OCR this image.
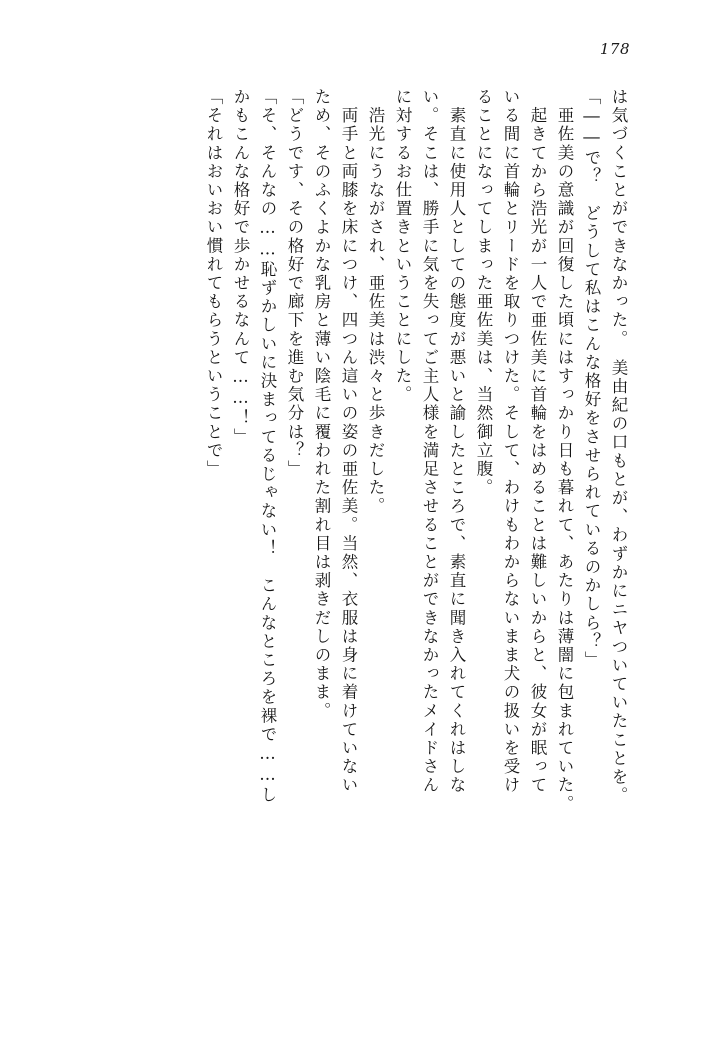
178
は気づくことができなかった。　美由紀の口もとが、わずかにニヤついていたことを。
「――で？　どうして私はこんな格好をさせられているのかしら？」
　亜佐美の意識が回復した頃にはすっかり日も暮れて、あたりは薄闇に包まれていた。
　起きてから浩光が一人で亜佐美に首輪をはめることは難しいからと、彼女が眠って
いる間に首輪とリードを取りつけた。そして、わけもわからないまま犬の扱いを受け
ることになってしまった亜佐美は、当然御立腹。
　素直に使用人としての態度が悪いと諭したところで、素直に聞き入れてくれはしな
い。そこは、勝手に気を失ってご主人様を満足させることができなかったメイドさん
に対するお仕置きということにした。
　浩光にうながされ、亜佐美は渋々と歩きだした。
　両手と両膝を床につけ、四つん這いの姿の亜佐美。当然、衣服は身に着けていない
ため、そのふくよかな乳房と薄い陰毛に覆われた割れ目は剥きだしのまま。
「どうです、その格好で廊下を進む気分は？」
「そ、そんなの……恥ずかしいに決まってるじゃない！　こんなところを裸で……し
かもこんな格好で歩かせるなんて……！」
「それはおいおい慣れてもらうということで」
